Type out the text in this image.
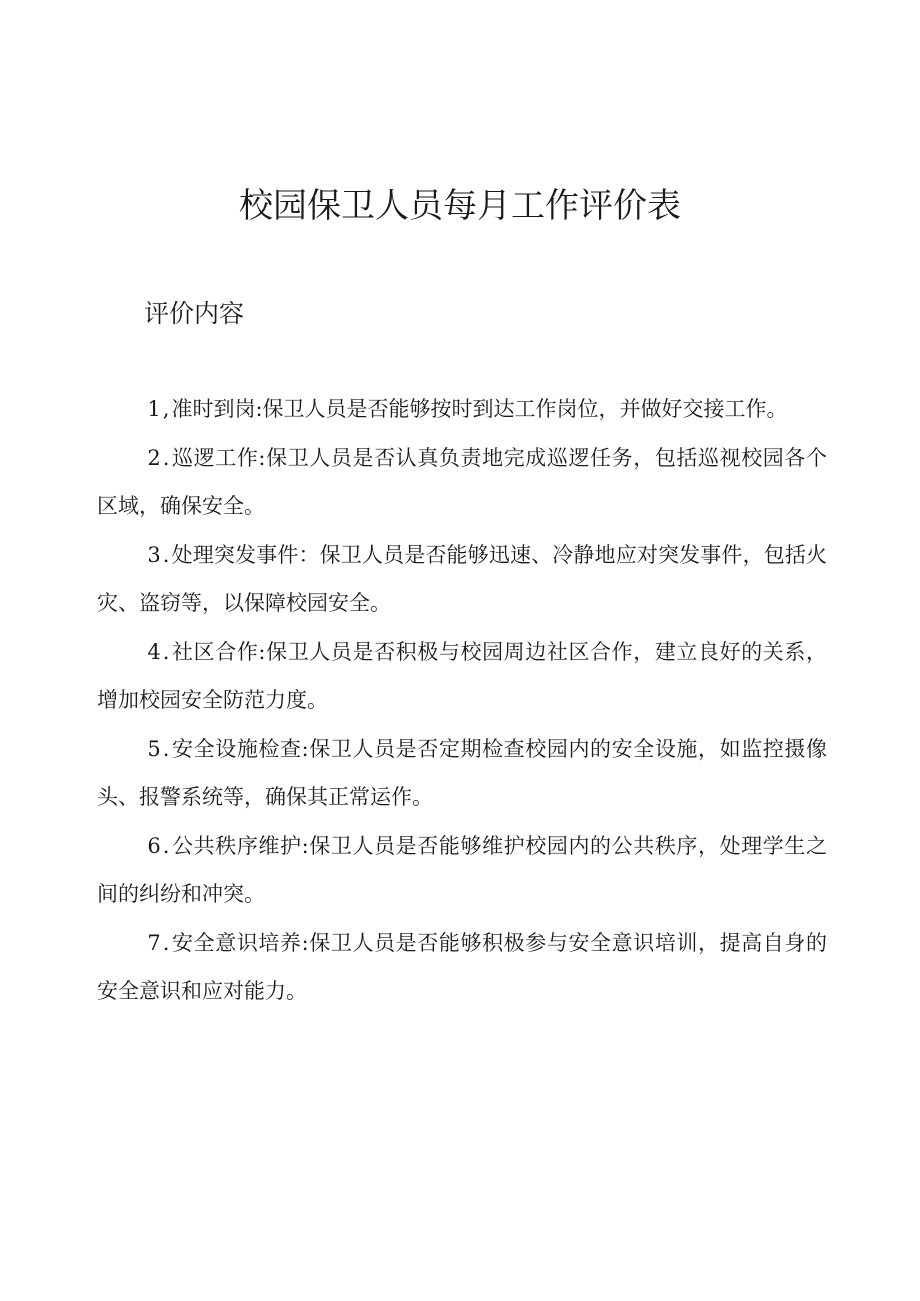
校园保卫人员每月工作评价表
评价内容
1,准时到岗:保卫人员是否能够按时到达工作岗位，并做好交接工作。
2.巡逻工作:保卫人员是否认真负责地完成巡逻任务，包括巡视校园各个区域，确保安全。
3.处理突发事件：保卫人员是否能够迅速、冷静地应对突发事件，包括火灾、盗窃等，以保障校园安全。
4.社区合作:保卫人员是否积极与校园周边社区合作，建立良好的关系，增加校园安全防范力度。
5.安全设施检查:保卫人员是否定期检查校园内的安全设施，如监控摄像头、报警系统等，确保其正常运作。
6.公共秩序维护:保卫人员是否能够维护校园内的公共秩序，处理学生之间的纠纷和冲突。
7.安全意识培养:保卫人员是否能够积极参与安全意识培训，提高自身的安全意识和应对能力。
